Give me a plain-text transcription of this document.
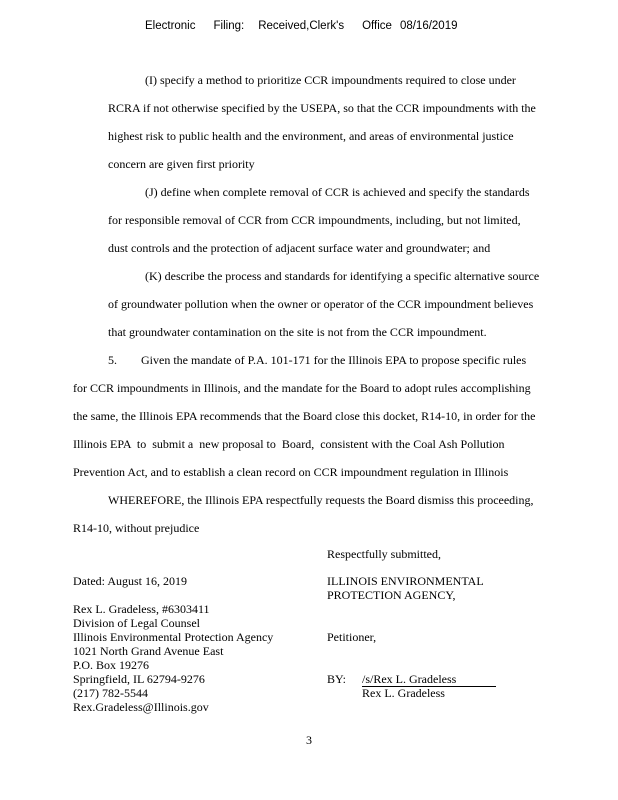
Electronic Filing: Received,Clerk's Office 08/16/2019
(I) specify a method to prioritize CCR impoundments required to close under
RCRA if not otherwise specified by the USEPA, so that the CCR impoundments with the
highest risk to public health and the environment, and areas of environmental justice
concern are given first priority
(J) define when complete removal of CCR is achieved and specify the standards
for responsible removal of CCR from CCR impoundments, including, but not limited,
dust controls and the protection of adjacent surface water and groundwater; and
(K) describe the process and standards for identifying a specific alternative source
of groundwater pollution when the owner or operator of the CCR impoundment believes
that groundwater contamination on the site is not from the CCR impoundment.
5.        Given the mandate of P.A. 101-171 for the Illinois EPA to propose specific rules
for CCR impoundments in Illinois, and the mandate for the Board to adopt rules accomplishing
the same, the Illinois EPA recommends that the Board close this docket, R14-10, in order for the
Illinois EPA  to  submit a  new proposal to  Board,  consistent with the Coal Ash Pollution
Prevention Act, and to establish a clean record on CCR impoundment regulation in Illinois
WHEREFORE, the Illinois EPA respectfully requests the Board dismiss this proceeding,
R14-10, without prejudice
Respectfully submitted,
Dated: August 16, 2019	ILLINOIS ENVIRONMENTAL
PROTECTION AGENCY,
Rex L. Gradeless, #6303411
Division of Legal Counsel
Illinois Environmental Protection Agency	Petitioner,
1021 North Grand Avenue East
P.O. Box 19276
Springfield, IL 62794-9276	BY: /s/Rex L. Gradeless
(217) 782-5544	Rex L. Gradeless
Rex.Gradeless@Illinois.gov
3
